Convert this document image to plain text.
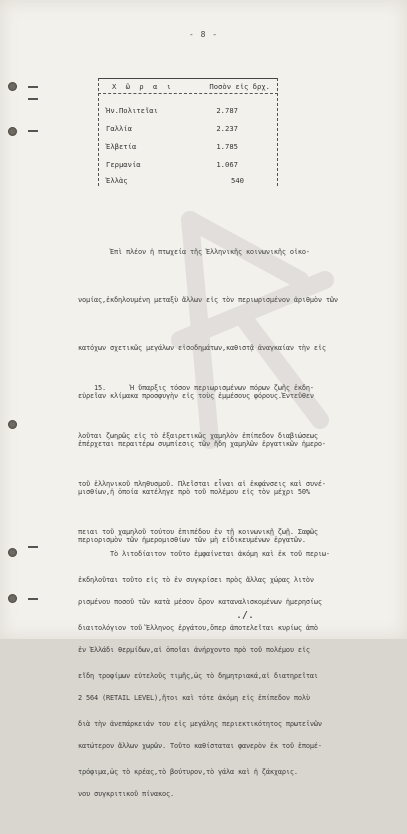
- 8 -
Χ ῶ ρ α ι	Ποσὸν εἰς δρχ.
Ἡν.Πολιτεῖαι	2.787
Γαλλία	2.237
Ἑλβετία	1.785
Γερμανία	1.067
Ἑλλὰς	540

Ἐπὶ πλέον ἡ πτωχεία τῆς Ἑλληνικῆς κοινωνικῆς οἰκο-

νομίας,ἐκδηλουμένη μεταξὺ ἄλλων εἰς τὸν περιωρισμένον ἀριθμὸν τῶν

κατόχων σχετικῶς μεγάλων εἰσοδημάτων,καθιστᾷ ἀναγκαίαν τὴν εἰς

εὐρεῖαν κλίμακα προσφυγὴν εἰς τοὺς ἐμμέσους φόρους.Ἐντεῦθεν

ἐπέρχεται περαιτέρω συμπίεσις τῶν ἤδη χαμηλῶν ἐργατικῶν ἡμερο-

μισθίων,ἡ ὁποία κατέληγε πρὸ τοῦ πολέμου εἰς τὸν μέχρι 50%

περιορισμὸν τῶν ἡμερομισθίων τῶν μὴ εἰδικευμένων ἐργατῶν.

15.      Ἡ ὕπαρξις τόσον περιωρισμένων πόρων ζωῆς ἐκδη-

λοῦται ζωηρῶς εἰς τὸ ἐξαιρετικῶς χαμηλὸν ἐπίπεδον διαβιώσεως

τοῦ ἑλληνικοῦ πληθυσμοῦ. Πλεῖσται εἶναι αἱ ἐκφάνσεις καὶ συνέ-

πειαι τοῦ χαμηλοῦ τούτου ἐπιπέδου ἐν τῇ κοινωνικῇ ζωῇ. Σαφῶς

ἐκδηλοῦται τοῦτο εἰς τὸ ἐν συγκρίσει πρὸς ἄλλας χώρας λιτὸν

διαιτολόγιον τοῦ Ἕλληνος ἐργάτου,ὅπερ ἀποτελεῖται κυρίως ἀπὸ

εἴδη τροφίμων εὐτελοῦς τιμῆς,ὡς τὸ δημητριακά,αἱ διατηρεῖται

διὰ τὴν ἀνεπάρκειάν του εἰς μεγάλης περιεκτικότητος πρωτεϊνῶν

τρόφιμα,ὡς τὸ κρέας,τὸ βούτυρον,τὸ γάλα καὶ ἡ ζάκχαρις.

Τὸ λιτοδίαιτον τοῦτο ἐμφαίνεται ἀκόμη καὶ ἐκ τοῦ περιω-

ρισμένου ποσοῦ τῶν κατὰ μέσον ὅρον καταναλισκομένων ἡμερησίως

ἐν Ἑλλάδι θερμίδων,αἱ ὁποῖαι ἀνήρχοντο πρὸ τοῦ πολέμου εἰς

2 564 (RETAIL LEVEL),ἤτοι καὶ τότε ἀκόμη εἰς ἐπίπεδον πολὺ

κατώτερον ἄλλων χωρῶν. Τοῦτο καθίσταται φανερὸν ἐκ τοῦ ἑπομέ-

νου συγκριτικοῦ πίνακος.

./.
